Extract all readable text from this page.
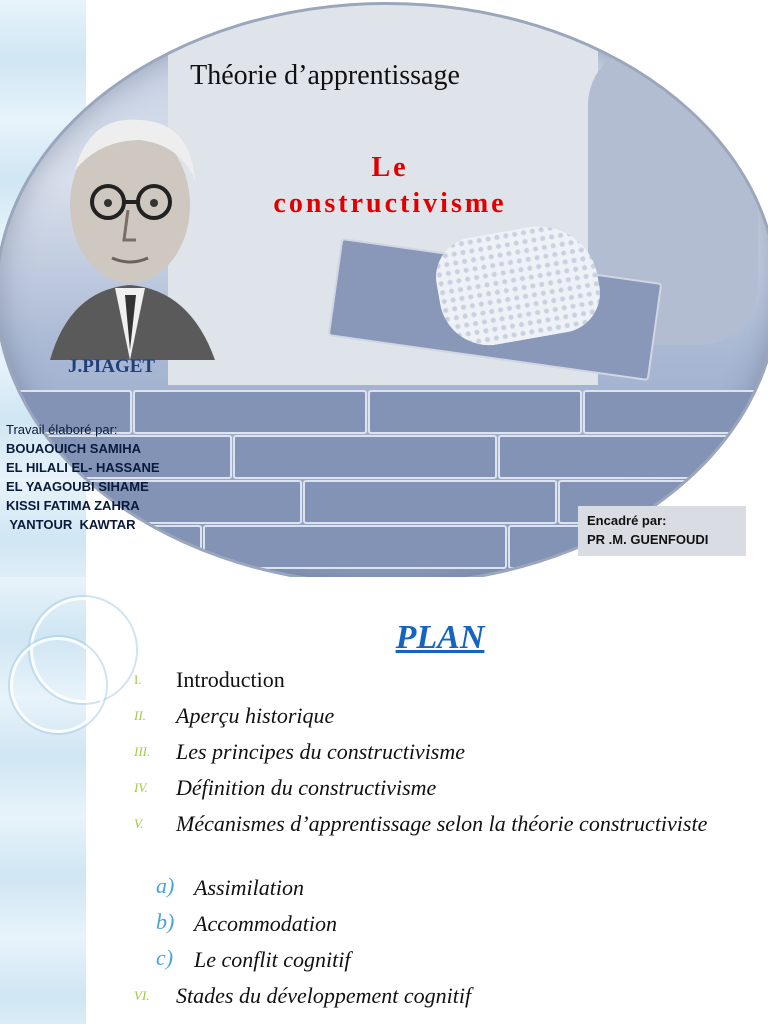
Théorie d’apprentissage
Le
constructivisme
J.PIAGET
Travail élaboré par:
BOUAOUICH SAMIHA
EL HILALI EL- HASSANE
EL YAAGOUBI SIHAME
KISSI FATIMA ZAHRA
YANTOUR  KAWTAR	Encadré par:
PR .M. GUENFOUDI
PLAN
I. Introduction
II. Aperçu historique
III. Les principes du constructivisme
IV. Définition du constructivisme
V. Mécanismes d’apprentissage selon la théorie constructiviste
a) Assimilation
b) Accommodation
c) Le conflit cognitif
VI. Stades du développement cognitif
